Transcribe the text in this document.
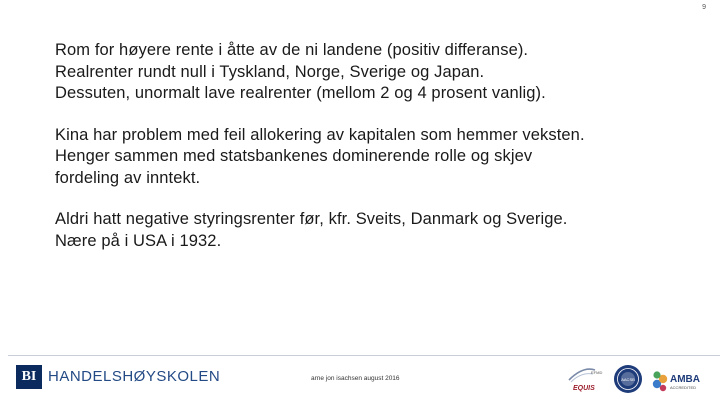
9

Rom for høyere rente i åtte av de ni landene (positiv differanse).
Realrenter rundt null i Tyskland, Norge, Sverige og Japan.
Dessuten, unormalt lave realrenter (mellom 2 og 4 prosent vanlig).

Kina har problem med feil allokering av kapitalen som hemmer veksten.
Henger sammen med statsbankenes dominerende rolle og skjev
fordeling av inntekt.

Aldri hatt negative styringsrenter før, kfr. Sveits, Danmark og Sverige.
Nære på i USA i 1932.

BI HANDELSHØYSKOLEN	arne jon isachsen august 2016
EFMD
EQUIS
AACSB	AMBA
ACCREDITED
